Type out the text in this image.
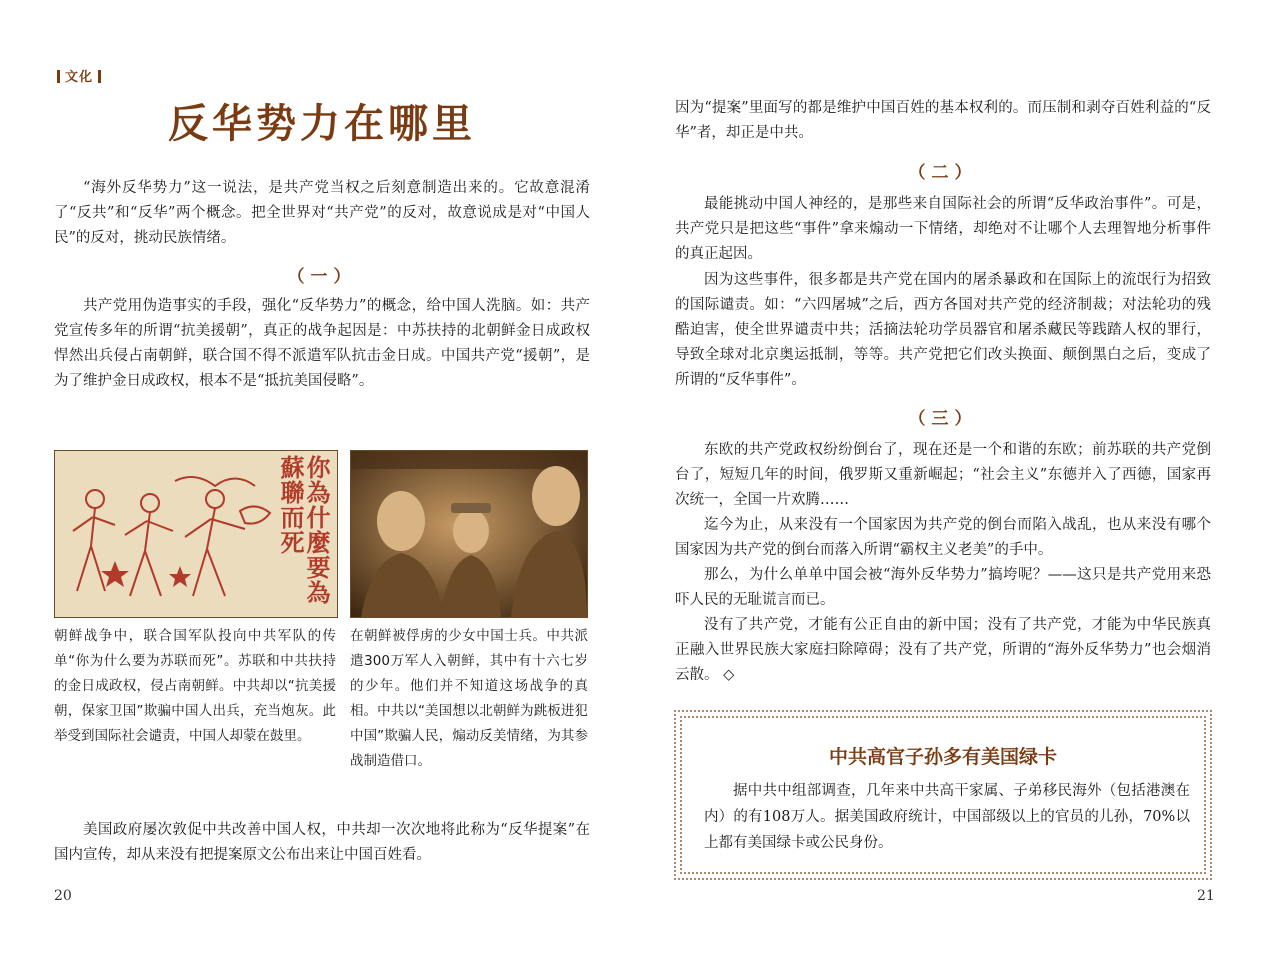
文化
反华势力在哪里

“海外反华势力”这一说法，是共产党当权之后刻意制造出来的。它故意混淆了“反共”和“反华”两个概念。把全世界对“共产党”的反对，故意说成是对“中国人民”的反对，挑动民族情绪。

（一）

共产党用伪造事实的手段，强化“反华势力”的概念，给中国人洗脑。如：共产党宣传多年的所谓“抗美援朝”，真正的战争起因是：中苏扶持的北朝鲜金日成政权悍然出兵侵占南朝鲜，联合国不得不派遣军队抗击金日成。中国共产党“援朝”，是为了维护金日成政权，根本不是“抵抗美国侵略”。

你為什麼要為蘇聯而死

朝鲜战争中，联合国军队投向中共军队的传单“你为什么要为苏联而死”。苏联和中共扶持的金日成政权，侵占南朝鲜。中共却以“抗美援朝，保家卫国”欺骗中国人出兵，充当炮灰。此举受到国际社会谴责，中国人却蒙在鼓里。

在朝鲜被俘虏的少女中国士兵。中共派遣300万军人入朝鲜，其中有十六七岁的少年。他们并不知道这场战争的真相。中共以“美国想以北朝鲜为跳板进犯中国”欺骗人民，煽动反美情绪，为其参战制造借口。

美国政府屡次敦促中共改善中国人权，中共却一次次地将此称为“反华提案”在国内宣传，却从来没有把提案原文公布出来让中国百姓看。

20

因为“提案”里面写的都是维护中国百姓的基本权利的。而压制和剥夺百姓利益的“反华”者，却正是中共。

（二）

最能挑动中国人神经的，是那些来自国际社会的所谓“反华政治事件”。可是，共产党只是把这些“事件”拿来煽动一下情绪，却绝对不让哪个人去理智地分析事件的真正起因。

因为这些事件，很多都是共产党在国内的屠杀暴政和在国际上的流氓行为招致的国际谴责。如：“六四屠城”之后，西方各国对共产党的经济制裁；对法轮功的残酷迫害，使全世界谴责中共；活摘法轮功学员器官和屠杀藏民等践踏人权的罪行，导致全球对北京奥运抵制，等等。共产党把它们改头换面、颠倒黑白之后，变成了所谓的“反华事件”。

（三）

东欧的共产党政权纷纷倒台了，现在还是一个和谐的东欧；前苏联的共产党倒台了，短短几年的时间，俄罗斯又重新崛起；“社会主义”东德并入了西德，国家再次统一，全国一片欢腾……

迄今为止，从来没有一个国家因为共产党的倒台而陷入战乱，也从来没有哪个国家因为共产党的倒台而落入所谓“霸权主义老美”的手中。

那么，为什么单单中国会被“海外反华势力”搞垮呢？——这只是共产党用来恐吓人民的无耻谎言而已。

没有了共产党，才能有公正自由的新中国；没有了共产党，才能为中华民族真正融入世界民族大家庭扫除障碍；没有了共产党，所谓的“海外反华势力”也会烟消云散。 ◇

中共高官子孙多有美国绿卡

据中共中组部调查，几年来中共高干家属、子弟移民海外（包括港澳在内）的有108万人。据美国政府统计，中国部级以上的官员的儿孙，70%以上都有美国绿卡或公民身份。

21
